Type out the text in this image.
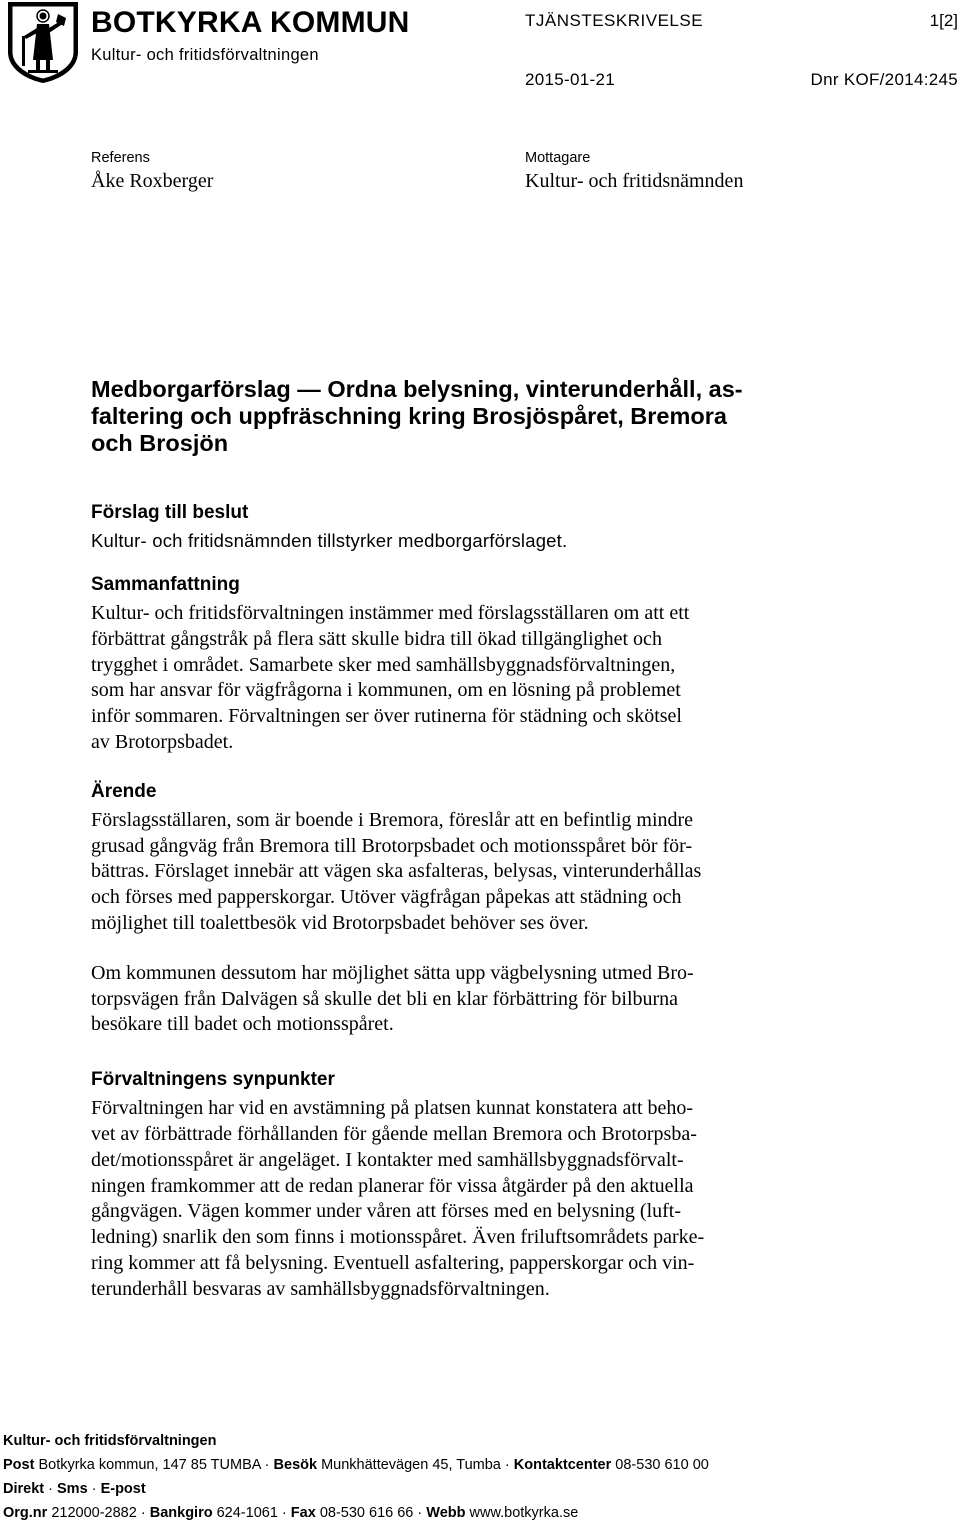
BOTKYRKA KOMMUN
Kultur- och fritidsförvaltningen
TJÄNSTESKRIVELSE	1[2]
2015-01-21	Dnr KOF/2014:245
Referens
Åke Roxberger
Mottagare
Kultur- och fritidsnämnden
Medborgarförslag — Ordna belysning, vinterunderhåll, as-
faltering och uppfräschning kring Brosjöspåret, Bremora
och Brosjön
Förslag till beslut
Kultur- och fritidsnämnden tillstyrker medborgarförslaget.
Sammanfattning
Kultur- och fritidsförvaltningen instämmer med förslagsställaren om att ett
förbättrat gångstråk på flera sätt skulle bidra till ökad tillgänglighet och
trygghet i området. Samarbete sker med samhällsbyggnadsförvaltningen,
som har ansvar för vägfrågorna i kommunen, om en lösning på problemet
inför sommaren. Förvaltningen ser över rutinerna för städning och skötsel
av Brotorpsbadet.
Ärende
Förslagsställaren, som är boende i Bremora, föreslår att en befintlig mindre
grusad gångväg från Bremora till Brotorpsbadet och motionsspåret bör för-
bättras. Förslaget innebär att vägen ska asfalteras, belysas, vinterunderhållas
och förses med papperskorgar. Utöver vägfrågan påpekas att städning och
möjlighet till toalettbesök vid Brotorpsbadet behöver ses över.
Om kommunen dessutom har möjlighet sätta upp vägbelysning utmed Bro-
torpsvägen från Dalvägen så skulle det bli en klar förbättring för bilburna
besökare till badet och motionsspåret.
Förvaltningens synpunkter
Förvaltningen har vid en avstämning på platsen kunnat konstatera att beho-
vet av förbättrade förhållanden för gående mellan Bremora och Brotorpsba-
det/motionsspåret är angeläget. I kontakter med samhällsbyggnadsförvalt-
ningen framkommer att de redan planerar för vissa åtgärder på den aktuella
gångvägen. Vägen kommer under våren att förses med en belysning (luft-
ledning) snarlik den som finns i motionsspåret. Även friluftsområdets parke-
ring kommer att få belysning. Eventuell asfaltering, papperskorgar och vin-
terunderhåll besvaras av samhällsbyggnadsförvaltningen.
Kultur- och fritidsförvaltningen
Post Botkyrka kommun, 147 85 TUMBA · Besök Munkhättevägen 45, Tumba · Kontaktcenter 08-530 610 00
Direkt · Sms · E-post
Org.nr 212000-2882 · Bankgiro 624-1061 · Fax 08-530 616 66 · Webb www.botkyrka.se
